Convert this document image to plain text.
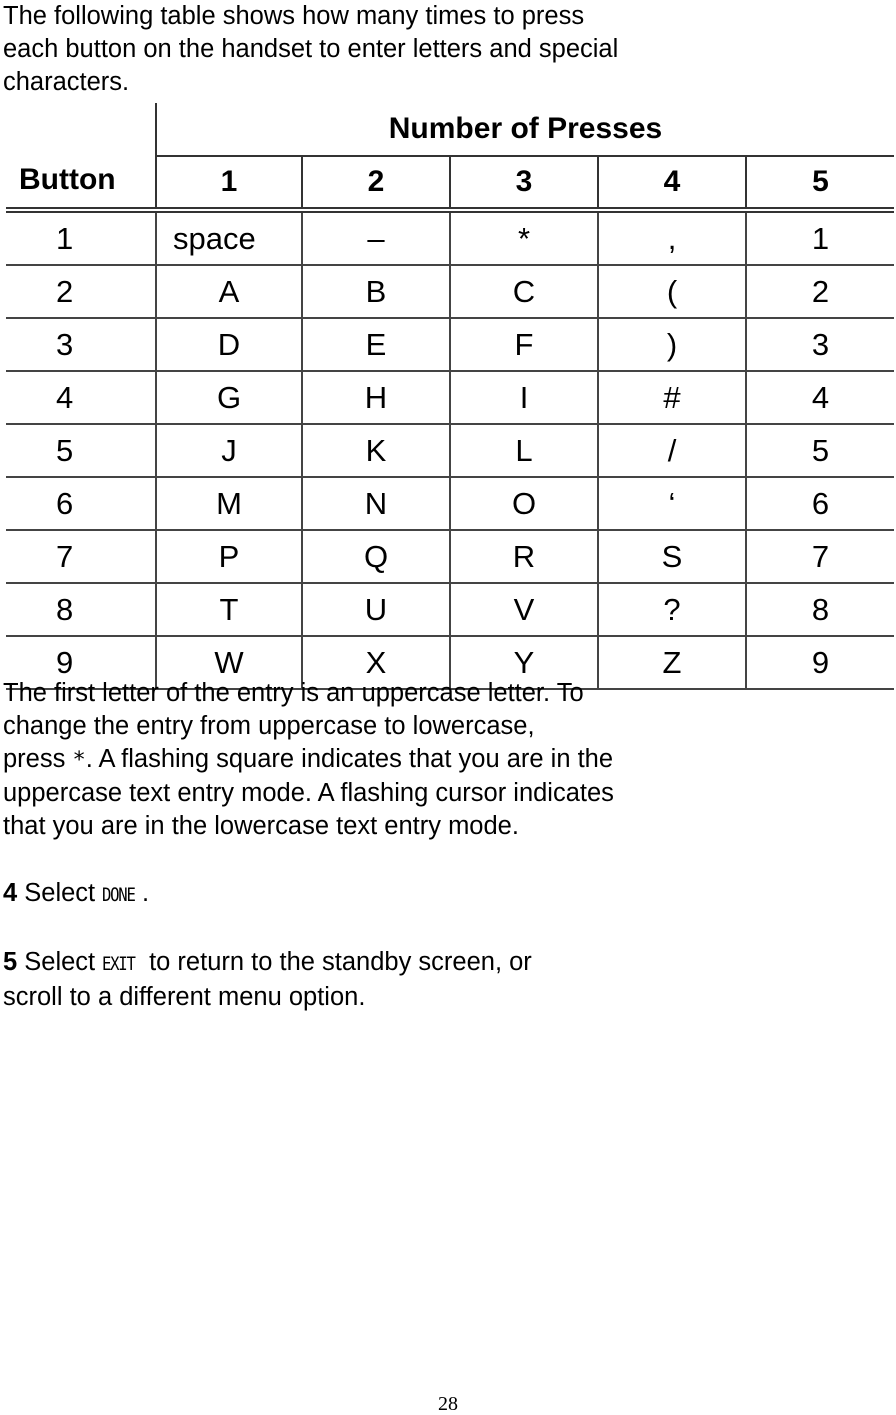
The following table shows how many times to press
each button on the handset to enter letters and special
characters.

Button	Number of Presses				
	1	2	3	4	5
1	space	–	*	,	1
2	A	B	C	(	2
3	D	E	F	)	3
4	G	H	I	#	4
5	J	K	L	/	5
6	M	N	O	‘	6
7	P	Q	R	S	7
8	T	U	V	?	8
9	W	X	Y	Z	9

The first letter of the entry is an uppercase letter. To
change the entry from uppercase to lowercase,
press *. A flashing square indicates that you are in the
uppercase text entry mode. A flashing cursor indicates
that you are in the lowercase text entry mode.

4 Select DONE .

5 Select EXIT to return to the standby screen, or
scroll to a different menu option.

28
